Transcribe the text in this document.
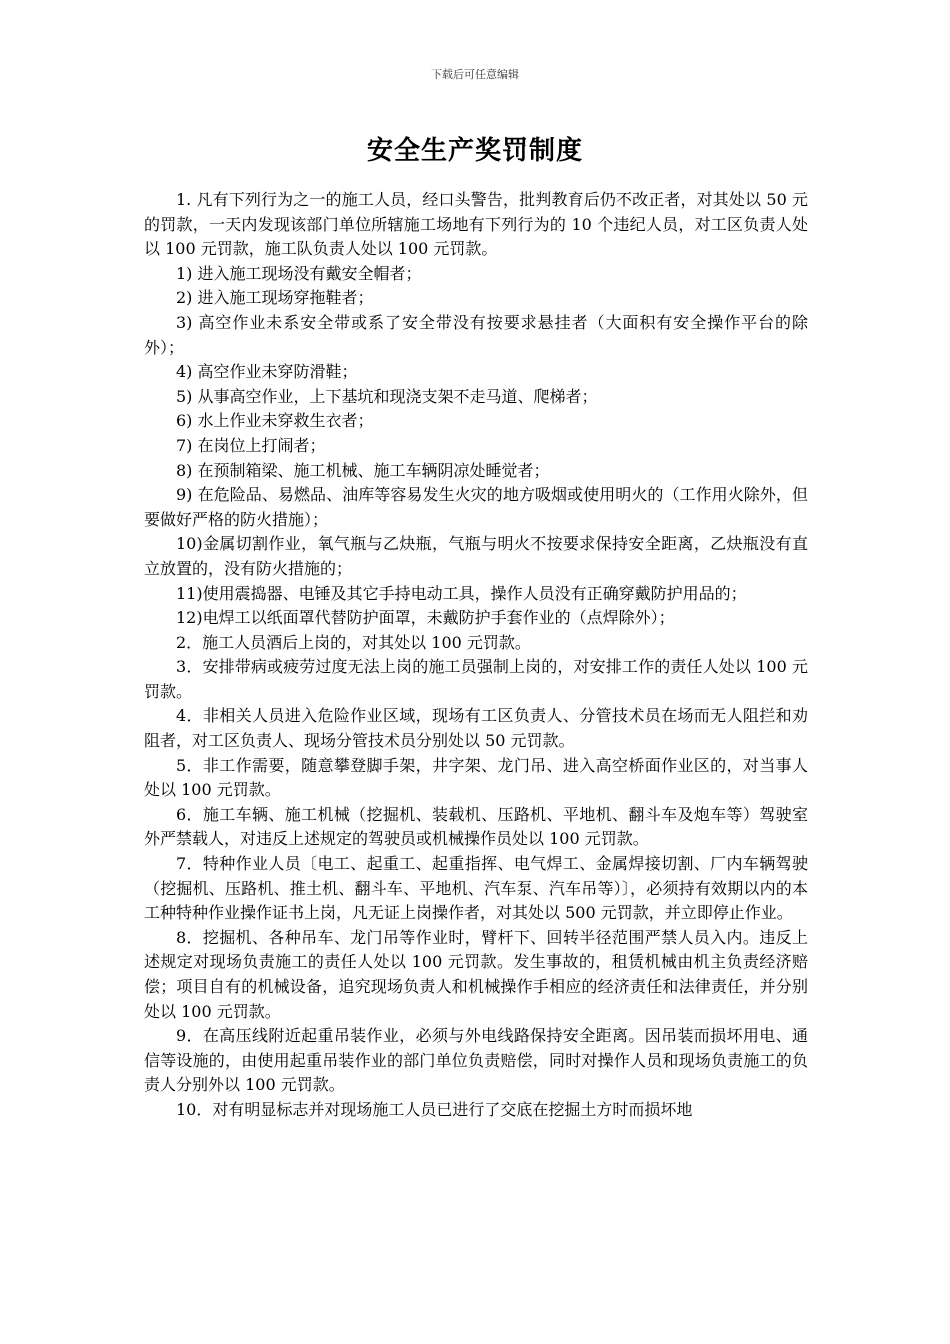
下载后可任意编辑
安全生产奖罚制度

1. 凡有下列行为之一的施工人员，经口头警告，批判教育后仍不改正者，对其处以 50 元的罚款，一天内发现该部门单位所辖施工场地有下列行为的 10 个违纪人员，对工区负责人处以 100 元罚款，施工队负责人处以 100 元罚款。

1) 进入施工现场没有戴安全帽者；

2) 进入施工现场穿拖鞋者；

3) 高空作业未系安全带或系了安全带没有按要求悬挂者（大面积有安全操作平台的除外）；

4) 高空作业未穿防滑鞋；

5) 从事高空作业，上下基坑和现浇支架不走马道、爬梯者；

6) 水上作业未穿救生衣者；

7) 在岗位上打闹者；

8) 在预制箱梁、施工机械、施工车辆阴凉处睡觉者；

9) 在危险品、易燃品、油库等容易发生火灾的地方吸烟或使用明火的（工作用火除外，但要做好严格的防火措施）；

10)金属切割作业，氧气瓶与乙炔瓶，气瓶与明火不按要求保持安全距离，乙炔瓶没有直立放置的，没有防火措施的；

11)使用震捣器、电锤及其它手持电动工具，操作人员没有正确穿戴防护用品的；

12)电焊工以纸面罩代替防护面罩，未戴防护手套作业的（点焊除外）；

2．施工人员酒后上岗的，对其处以 100 元罚款。

3．安排带病或疲劳过度无法上岗的施工员强制上岗的，对安排工作的责任人处以 100 元罚款。

4．非相关人员进入危险作业区域，现场有工区负责人、分管技术员在场而无人阻拦和劝阻者，对工区负责人、现场分管技术员分别处以 50 元罚款。

5．非工作需要，随意攀登脚手架，井字架、龙门吊、进入高空桥面作业区的，对当事人处以 100 元罚款。

6．施工车辆、施工机械（挖掘机、装载机、压路机、平地机、翻斗车及炮车等）驾驶室外严禁载人，对违反上述规定的驾驶员或机械操作员处以 100 元罚款。

7．特种作业人员〔电工、起重工、起重指挥、电气焊工、金属焊接切割、厂内车辆驾驶（挖掘机、压路机、推土机、翻斗车、平地机、汽车泵、汽车吊等）〕，必须持有效期以内的本工种特种作业操作证书上岗，凡无证上岗操作者，对其处以 500 元罚款，并立即停止作业。

8．挖掘机、各种吊车、龙门吊等作业时，臂杆下、回转半径范围严禁人员入内。违反上述规定对现场负责施工的责任人处以 100 元罚款。发生事故的，租赁机械由机主负责经济赔偿；项目自有的机械设备，追究现场负责人和机械操作手相应的经济责任和法律责任，并分别处以 100 元罚款。

9．在高压线附近起重吊装作业，必须与外电线路保持安全距离。因吊装而损坏用电、通信等设施的，由使用起重吊装作业的部门单位负责赔偿，同时对操作人员和现场负责施工的负责人分别外以 100 元罚款。

10．对有明显标志并对现场施工人员已进行了交底在挖掘土方时而损坏地
